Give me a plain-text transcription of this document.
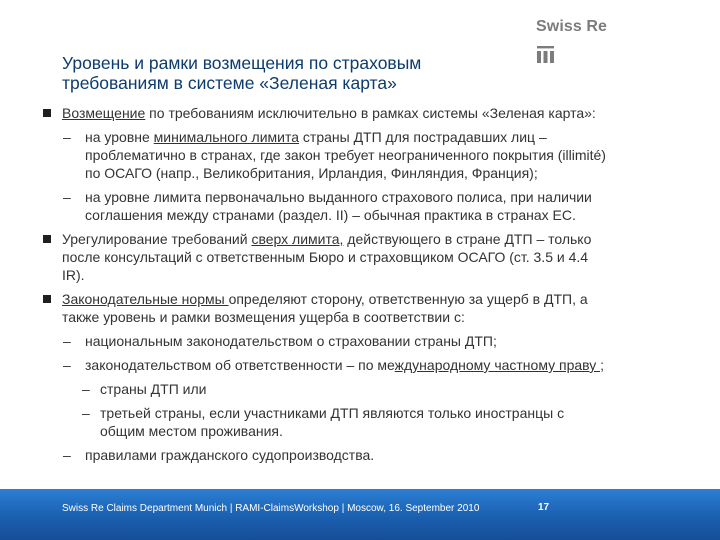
Уровень и рамки возмещения по страховым
требованиям в системе «Зеленая карта»
Swiss Re
Возмещение по требованиям исключительно в рамках системы «Зеленая карта»:
– на уровне минимального лимита страны ДТП для пострадавших лиц –
проблематично в странах, где закон требует неограниченного покрытия (illimité)
по ОСАГО (напр., Великобритания, Ирландия, Финляндия, Франция);
– на уровне лимита первоначально выданного страхового полиса, при наличии
соглашения между странами (раздел. II) – обычная практика в странах ЕС.
Урегулирование требований сверх лимита, действующего в стране ДТП – только
после консультаций с ответственным Бюро и страховщиком ОСАГО (ст. 3.5 и 4.4
IR).
Законодательные нормы определяют сторону, ответственную за ущерб в ДТП, а
также уровень и рамки возмещения ущерба в соответствии с:
– национальным законодательством о страховании страны ДТП;
– законодательством об ответственности – по международному частному праву ;
– страны ДТП или
– третьей страны, если участниками ДТП являются только иностранцы с
общим местом проживания.
– правилами гражданского судопроизводства.
Swiss Re Claims Department Munich | RAMI-ClaimsWorkshop | Moscow, 16. September 2010	17
